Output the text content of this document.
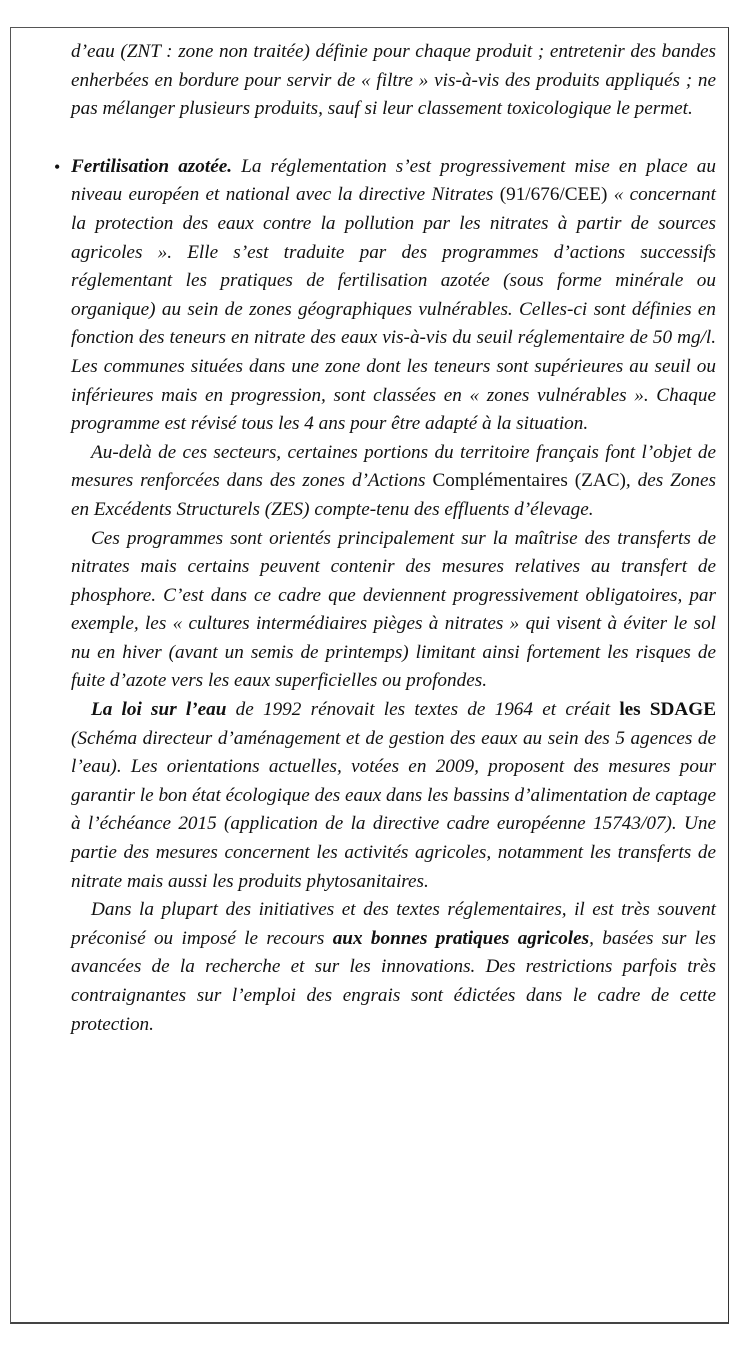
d’eau (ZNT : zone non traitée) définie pour chaque produit ; entretenir des bandes enherbées en bordure pour servir de « filtre » vis-à-vis des produits appliqués ; ne pas mélanger plusieurs produits, sauf si leur classement toxicologique le permet.

• Fertilisation azotée. La réglementation s’est progressivement mise en place au niveau européen et national avec la directive Nitrates (91/676/CEE) « concernant la protection des eaux contre la pollution par les nitrates à partir de sources agricoles ». Elle s’est traduite par des programmes d’actions successifs réglementant les pratiques de fertilisation azotée (sous forme minérale ou organique) au sein de zones géographiques vulnérables. Celles-ci sont définies en fonction des teneurs en nitrate des eaux vis-à-vis du seuil réglementaire de 50 mg/l. Les communes situées dans une zone dont les teneurs sont supérieures au seuil ou inférieures mais en progression, sont classées en « zones vulnérables ». Chaque programme est révisé tous les 4 ans pour être adapté à la situation.

Au-delà de ces secteurs, certaines portions du territoire français font l’objet de mesures renforcées dans des zones d’Actions Complémentaires (ZAC), des Zones en Excédents Structurels (ZES) compte-tenu des effluents d’élevage.

Ces programmes sont orientés principalement sur la maîtrise des transferts de nitrates mais certains peuvent contenir des mesures relatives au transfert de phosphore. C’est dans ce cadre que deviennent progressivement obligatoires, par exemple, les « cultures intermédiaires pièges à nitrates » qui visent à éviter le sol nu en hiver (avant un semis de printemps) limitant ainsi fortement les risques de fuite d’azote vers les eaux superficielles ou profondes.

La loi sur l’eau de 1992 rénovait les textes de 1964 et créait les SDAGE (Schéma directeur d’aménagement et de gestion des eaux au sein des 5 agences de l’eau). Les orientations actuelles, votées en 2009, proposent des mesures pour garantir le bon état écologique des eaux dans les bassins d’alimentation de captage à l’échéance 2015 (application de la directive cadre européenne 15743/07). Une partie des mesures concernent les activités agricoles, notamment les transferts de nitrate mais aussi les produits phytosanitaires.

Dans la plupart des initiatives et des textes réglementaires, il est très souvent préconisé ou imposé le recours aux bonnes pratiques agricoles, basées sur les avancées de la recherche et sur les innovations. Des restrictions parfois très contraignantes sur l’emploi des engrais sont édictées dans le cadre de cette protection.
